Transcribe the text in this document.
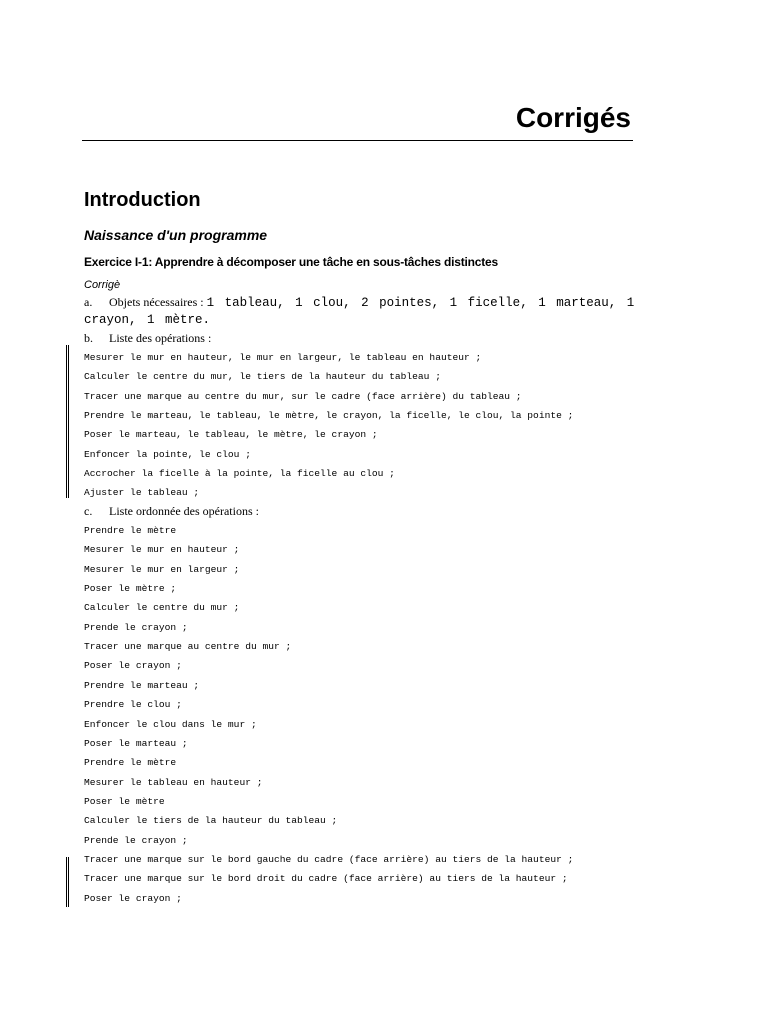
Corrigés
Introduction
Naissance d'un programme
Exercice I-1: Apprendre à décomposer une tâche en sous-tâches distinctes
Corrigè
a. Objets nécessaires : 1 tableau, 1 clou, 2 pointes, 1 ficelle, 1 marteau, 1 crayon, 1 mètre.
b. Liste des opérations :
Mesurer le mur en hauteur, le mur en largeur, le tableau en hauteur ;
Calculer le centre du mur, le tiers de la hauteur du tableau ;
Tracer une marque au centre du mur, sur le cadre (face arrière) du tableau ;
Prendre le marteau, le tableau, le mètre, le crayon, la ficelle, le clou, la pointe ;
Poser le marteau, le tableau, le mètre, le crayon ;
Enfoncer la pointe, le clou ;
Accrocher la ficelle à la pointe, la ficelle au clou ;
Ajuster le tableau ;
c. Liste ordonnée des opérations :
Prendre le mètre
Mesurer le mur en hauteur ;
Mesurer le mur en largeur ;
Poser le mètre ;
Calculer le centre du mur ;
Prende le crayon ;
Tracer une marque au centre du mur ;
Poser le crayon ;
Prendre le marteau ;
Prendre le clou ;
Enfoncer le clou dans le mur ;
Poser le marteau ;
Prendre le mètre
Mesurer le tableau en hauteur ;
Poser le mètre
Calculer le tiers de la hauteur du tableau ;
Prende le crayon ;
Tracer une marque sur le bord gauche du cadre (face arrière) au tiers de la hauteur ;
Tracer une marque sur le bord droit du cadre (face arrière) au tiers de la hauteur ;
Poser le crayon ;
